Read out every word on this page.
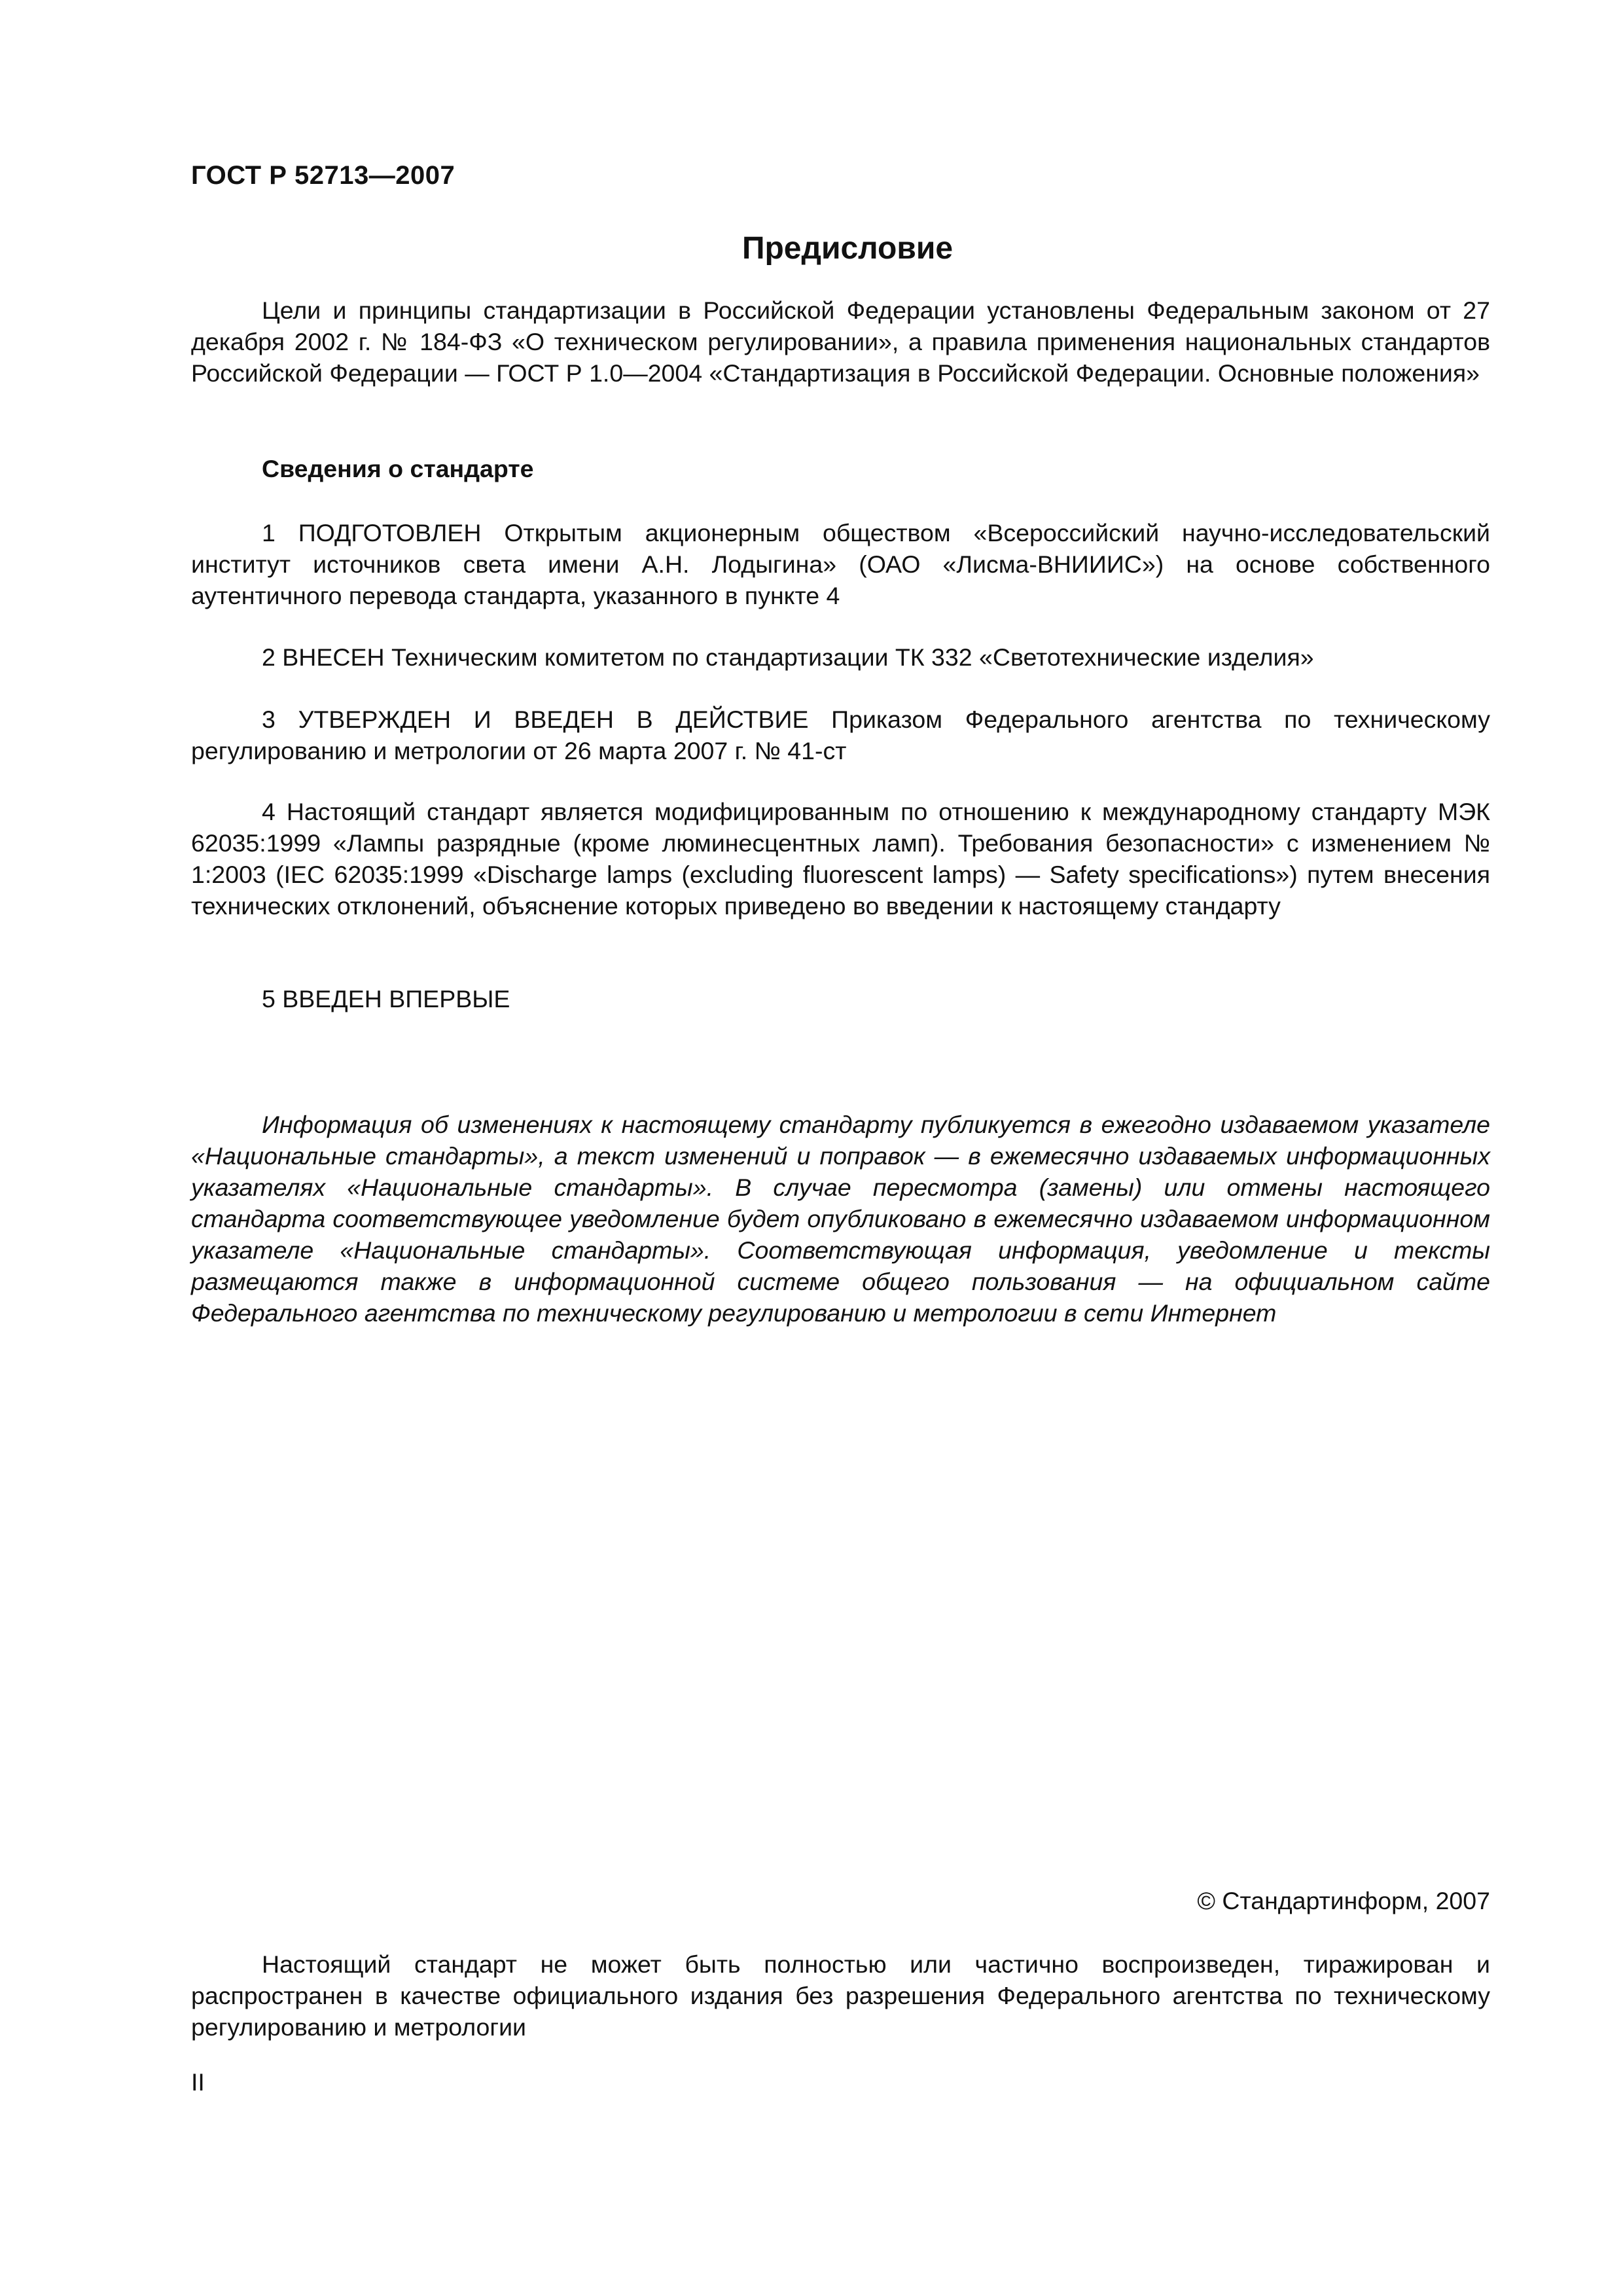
ГОСТ Р 52713—2007
Предисловие

Цели и принципы стандартизации в Российской Федерации установлены Федеральным законом от 27 декабря 2002 г. № 184-ФЗ «О техническом регулировании», а правила применения национальных стандартов Российской Федерации — ГОСТ Р 1.0—2004 «Стандартизация в Российской Федерации. Основные положения»

Сведения о стандарте

1 ПОДГОТОВЛЕН Открытым акционерным обществом «Всероссийский научно-исследовательский институт источников света имени А.Н. Лодыгина» (ОАО «Лисма-ВНИИИС») на основе собственного аутентичного перевода стандарта, указанного в пункте 4

2 ВНЕСЕН Техническим комитетом по стандартизации ТК 332 «Светотехнические изделия»

3 УТВЕРЖДЕН И ВВЕДЕН В ДЕЙСТВИЕ Приказом Федерального агентства по техническому регулированию и метрологии от 26 марта 2007 г. № 41-ст

4 Настоящий стандарт является модифицированным по отношению к международному стандарту МЭК 62035:1999 «Лампы разрядные (кроме люминесцентных ламп). Требования безопасности» с изменением № 1:2003 (IEC 62035:1999 «Discharge lamps (excluding fluorescent lamps) — Safety specifications») путем внесения технических отклонений, объяснение которых приведено во введении к настоящему стандарту

5 ВВЕДЕН ВПЕРВЫЕ

Информация об изменениях к настоящему стандарту публикуется в ежегодно издаваемом указателе «Национальные стандарты», а текст изменений и поправок — в ежемесячно издаваемых информационных указателях «Национальные стандарты». В случае пересмотра (замены) или отмены настоящего стандарта соответствующее уведомление будет опубликовано в ежемесячно издаваемом информационном указателе «Национальные стандарты». Соответствующая информация, уведомление и тексты размещаются также в информационной системе общего пользования — на официальном сайте Федерального агентства по техническому регулированию и метрологии в сети Интернет

© Стандартинформ, 2007

Настоящий стандарт не может быть полностью или частично воспроизведен, тиражирован и распространен в качестве официального издания без разрешения Федерального агентства по техническому регулированию и метрологии

II
